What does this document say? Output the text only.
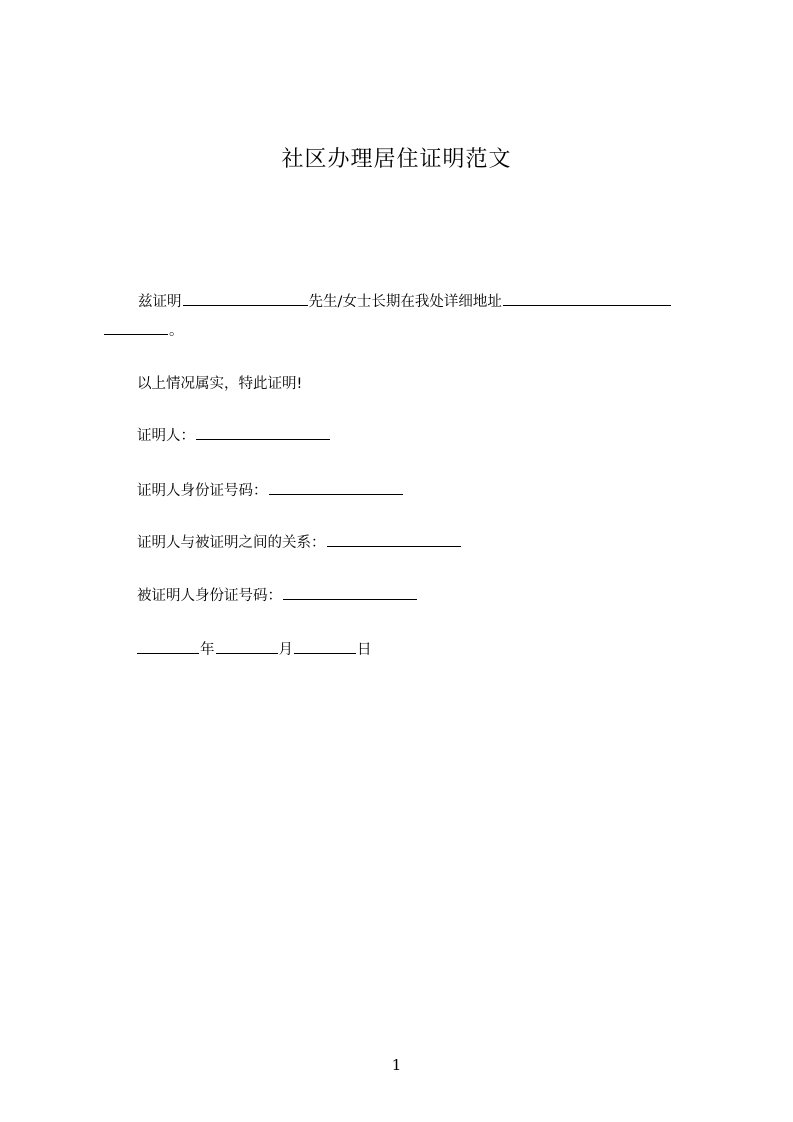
社区办理居住证明范文
兹证明	先生/女士长期在我处详细地址
。
以上情况属实，特此证明!
证明人：
证明人身份证号码：
证明人与被证明之间的关系：
被证明人身份证号码：
年	月	日
1
